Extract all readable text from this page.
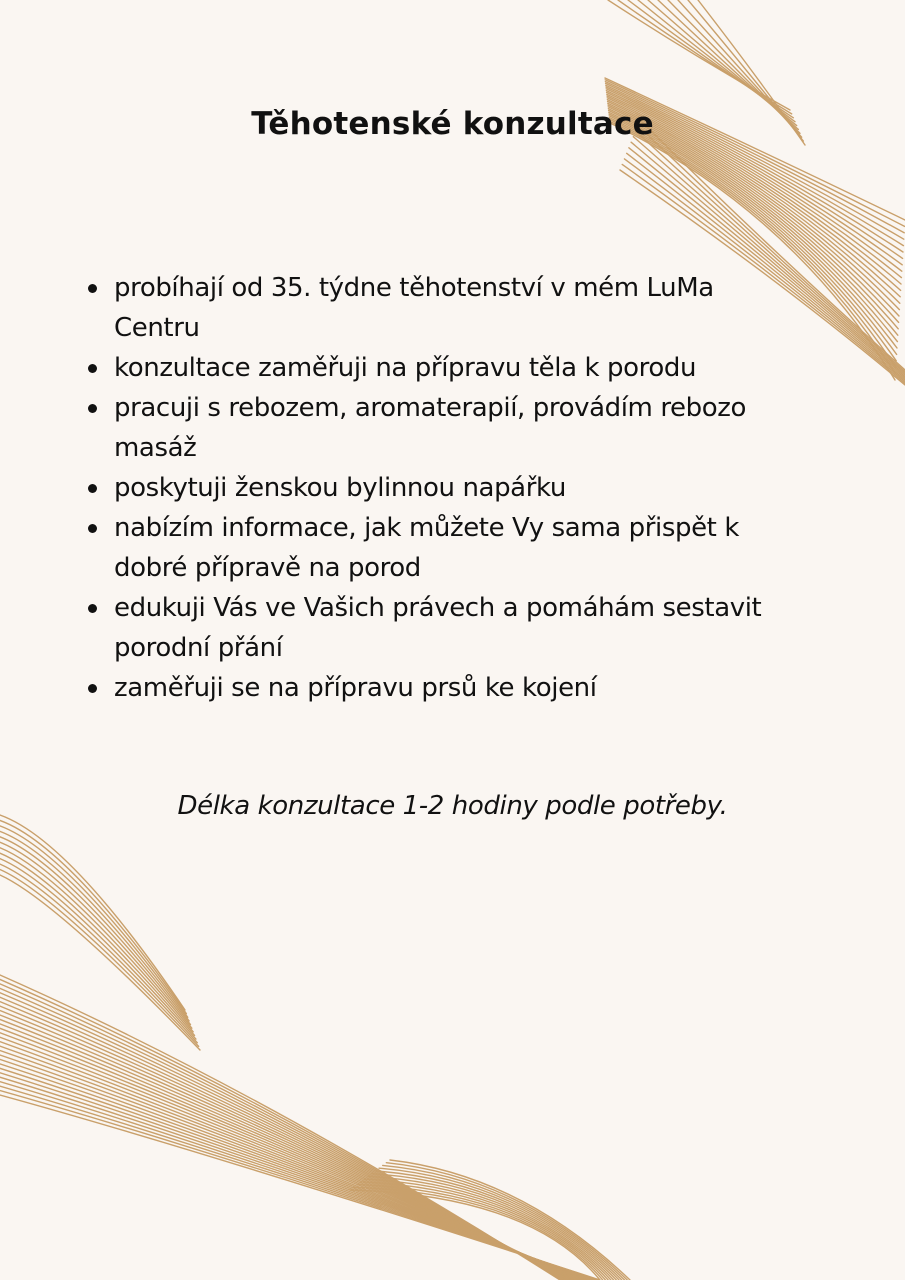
Těhotenské konzultace
probíhají od 35. týdne těhotenství v mém LuMa Centru
konzultace zaměřuji na přípravu těla k porodu
pracuji s rebozem, aromaterapií, provádím rebozo masáž
poskytuji ženskou bylinnou napářku
nabízím informace, jak můžete Vy sama přispět k dobré přípravě na porod
edukuji Vás ve Vašich právech a pomáhám sestavit porodní přání
zaměřuji se na přípravu prsů ke kojení

Délka konzultace 1-2 hodiny podle potřeby.
